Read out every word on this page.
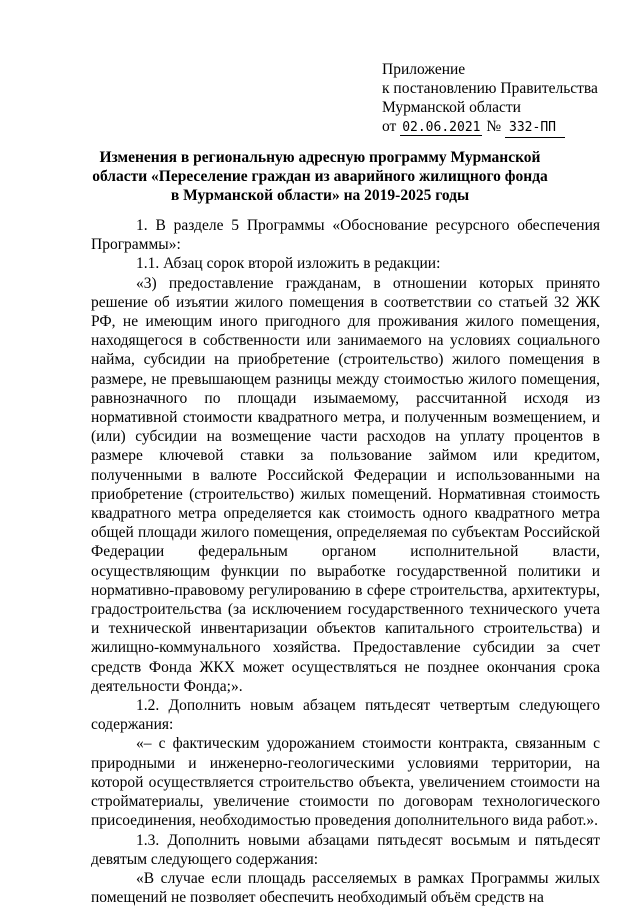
Приложение
к постановлению Правительства
Мурманской области
от 02.06.2021 № 332-ПП
Изменения в региональную адресную программу Мурманской области «Переселение граждан из аварийного жилищного фонда в Мурманской области» на 2019-2025 годы

1. В разделе 5 Программы «Обоснование ресурсного обеспечения Программы»:

1.1. Абзац сорок второй изложить в редакции:

«3) предоставление гражданам, в отношении которых принято решение об изъятии жилого помещения в соответствии со статьей 32 ЖК РФ, не имеющим иного пригодного для проживания жилого помещения, находящегося в собственности или занимаемого на условиях социального найма, субсидии на приобретение (строительство) жилого помещения в размере, не превышающем разницы между стоимостью жилого помещения, равнозначного по площади изымаемому, рассчитанной исходя из нормативной стоимости квадратного метра, и полученным возмещением, и (или) субсидии на возмещение части расходов на уплату процентов в размере ключевой ставки за пользование займом или кредитом, полученными в валюте Российской Федерации и использованными на приобретение (строительство) жилых помещений. Нормативная стоимость квадратного метра определяется как стоимость одного квадратного метра общей площади жилого помещения, определяемая по субъектам Российской Федерации федеральным органом исполнительной власти, осуществляющим функции по выработке государственной политики и нормативно-правовому регулированию в сфере строительства, архитектуры, градостроительства (за исключением государственного технического учета и технической инвентаризации объектов капитального строительства) и жилищно-коммунального хозяйства. Предоставление субсидии за счет средств Фонда ЖКХ может осуществляться не позднее окончания срока деятельности Фонда;».

1.2. Дополнить новым абзацем пятьдесят четвертым следующего содержания:

«– с фактическим удорожанием стоимости контракта, связанным с природными и инженерно-геологическими условиями территории, на которой осуществляется строительство объекта, увеличением стоимости на стройматериалы, увеличение стоимости по договорам технологического присоединения, необходимостью проведения дополнительного вида работ.».

1.3. Дополнить новыми абзацами пятьдесят восьмым и пятьдесят девятым следующего содержания:

«В случае если площадь расселяемых в рамках Программы жилых помещений не позволяет обеспечить необходимый объём средств на
